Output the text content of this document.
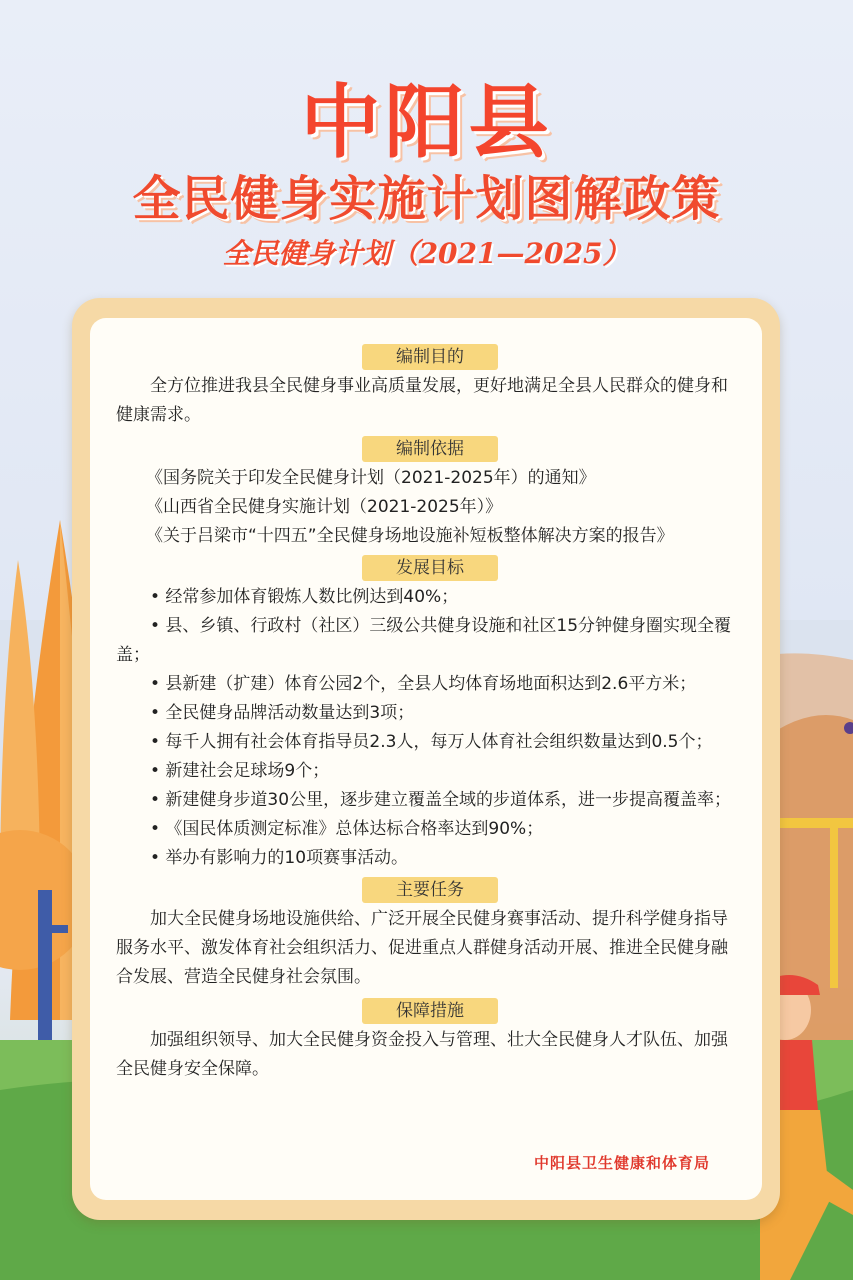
中阳县
全民健身实施计划图解政策
全民健身计划（2021—2025）
编制目的
全方位推进我县全民健身事业高质量发展，更好地满足全县人民群众的健身和健康需求。
编制依据
《国务院关于印发全民健身计划（2021-2025年）的通知》
《山西省全民健身实施计划（2021-2025年）》
《关于吕梁市“十四五”全民健身场地设施补短板整体解决方案的报告》
发展目标
• 经常参加体育锻炼人数比例达到40%；
• 县、乡镇、行政村（社区）三级公共健身设施和社区15分钟健身圈实现全覆盖；
• 县新建（扩建）体育公园2个，全县人均体育场地面积达到2.6平方米；
• 全民健身品牌活动数量达到3项；
• 每千人拥有社会体育指导员2.3人，每万人体育社会组织数量达到0.5个；
• 新建社会足球场9个；
• 新建健身步道30公里，逐步建立覆盖全域的步道体系，进一步提高覆盖率；
• 《国民体质测定标准》总体达标合格率达到90%；
• 举办有影响力的10项赛事活动。
主要任务
加大全民健身场地设施供给、广泛开展全民健身赛事活动、提升科学健身指导服务水平、激发体育社会组织活力、促进重点人群健身活动开展、推进全民健身融合发展、营造全民健身社会氛围。
保障措施
加强组织领导、加大全民健身资金投入与管理、壮大全民健身人才队伍、加强全民健身安全保障。
中阳县卫生健康和体育局
